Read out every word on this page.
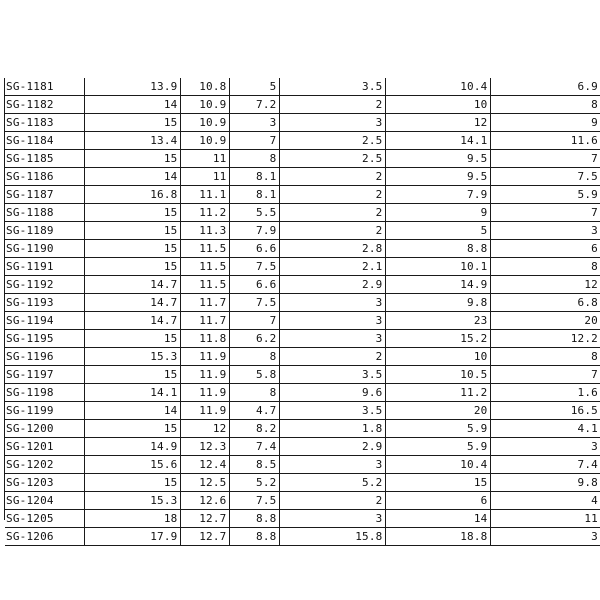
SG-1181	13.9	10.8	5	3.5	10.4	6.9
SG-1182	14	10.9	7.2	2	10	8
SG-1183	15	10.9	3	3	12	9
SG-1184	13.4	10.9	7	2.5	14.1	11.6
SG-1185	15	11	8	2.5	9.5	7
SG-1186	14	11	8.1	2	9.5	7.5
SG-1187	16.8	11.1	8.1	2	7.9	5.9
SG-1188	15	11.2	5.5	2	9	7
SG-1189	15	11.3	7.9	2	5	3
SG-1190	15	11.5	6.6	2.8	8.8	6
SG-1191	15	11.5	7.5	2.1	10.1	8
SG-1192	14.7	11.5	6.6	2.9	14.9	12
SG-1193	14.7	11.7	7.5	3	9.8	6.8
SG-1194	14.7	11.7	7	3	23	20
SG-1195	15	11.8	6.2	3	15.2	12.2
SG-1196	15.3	11.9	8	2	10	8
SG-1197	15	11.9	5.8	3.5	10.5	7
SG-1198	14.1	11.9	8	9.6	11.2	1.6
SG-1199	14	11.9	4.7	3.5	20	16.5
SG-1200	15	12	8.2	1.8	5.9	4.1
SG-1201	14.9	12.3	7.4	2.9	5.9	3
SG-1202	15.6	12.4	8.5	3	10.4	7.4
SG-1203	15	12.5	5.2	5.2	15	9.8
SG-1204	15.3	12.6	7.5	2	6	4
SG-1205	18	12.7	8.8	3	14	11
SG-1206	17.9	12.7	8.8	15.8	18.8	3
